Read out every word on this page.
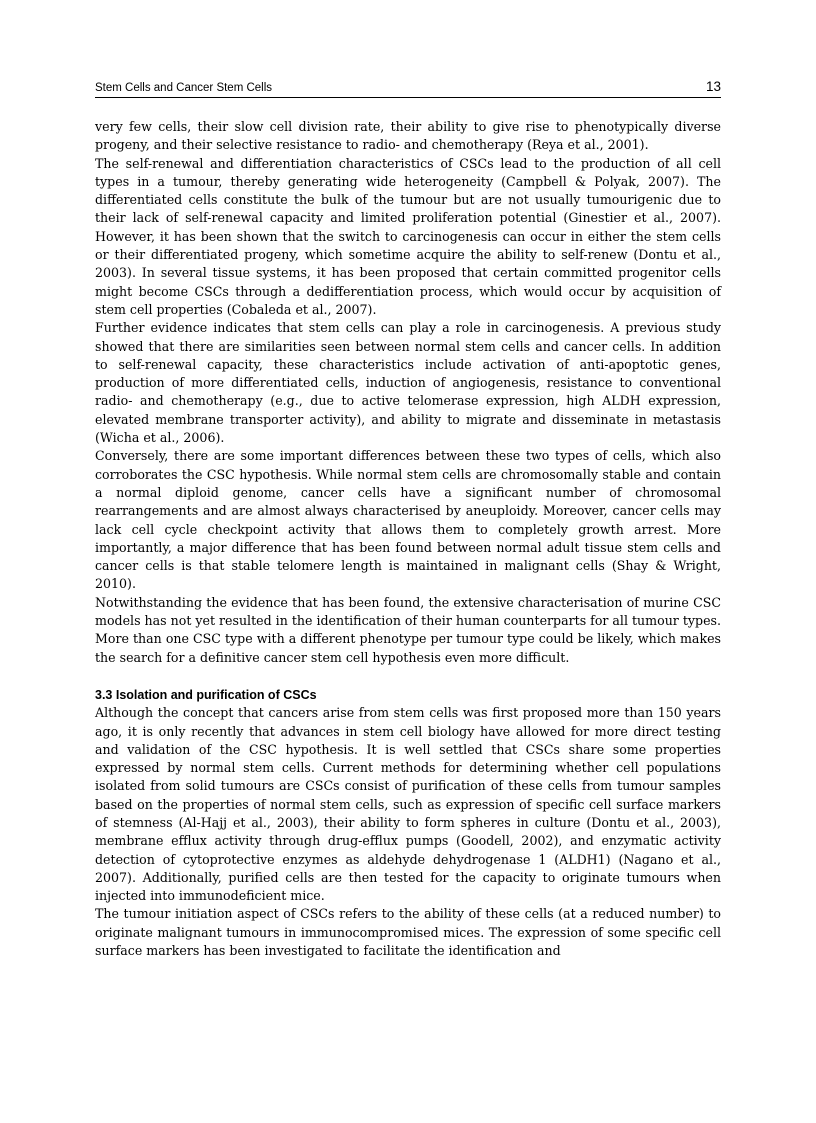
Stem Cells and Cancer Stem Cells	13

very few cells, their slow cell division rate, their ability to give rise to phenotypically diverse progeny, and their selective resistance to radio- and chemotherapy (Reya et al., 2001).

The self-renewal and differentiation characteristics of CSCs lead to the production of all cell types in a tumour, thereby generating wide heterogeneity (Campbell & Polyak, 2007). The differentiated cells constitute the bulk of the tumour but are not usually tumourigenic due to their lack of self-renewal capacity and limited proliferation potential (Ginestier et al., 2007). However, it has been shown that the switch to carcinogenesis can occur in either the stem cells or their differentiated progeny, which sometime acquire the ability to self-renew (Dontu et al., 2003). In several tissue systems, it has been proposed that certain committed progenitor cells might become CSCs through a dedifferentiation process, which would occur by acquisition of stem cell properties (Cobaleda et al., 2007).

Further evidence indicates that stem cells can play a role in carcinogenesis. A previous study showed that there are similarities seen between normal stem cells and cancer cells. In addition to self-renewal capacity, these characteristics include activation of anti-apoptotic genes, production of more differentiated cells, induction of angiogenesis, resistance to conventional radio- and chemotherapy (e.g., due to active telomerase expression, high ALDH expression, elevated membrane transporter activity), and ability to migrate and disseminate in metastasis (Wicha et al., 2006).

Conversely, there are some important differences between these two types of cells, which also corroborates the CSC hypothesis. While normal stem cells are chromosomally stable and contain a normal diploid genome, cancer cells have a significant number of chromosomal rearrangements and are almost always characterised by aneuploidy. Moreover, cancer cells may lack cell cycle checkpoint activity that allows them to completely growth arrest. More importantly, a major difference that has been found between normal adult tissue stem cells and cancer cells is that stable telomere length is maintained in malignant cells (Shay & Wright, 2010).

Notwithstanding the evidence that has been found, the extensive characterisation of murine CSC models has not yet resulted in the identification of their human counterparts for all tumour types. More than one CSC type with a different phenotype per tumour type could be likely, which makes the search for a definitive cancer stem cell hypothesis even more difficult.

3.3 Isolation and purification of CSCs

Although the concept that cancers arise from stem cells was first proposed more than 150 years ago, it is only recently that advances in stem cell biology have allowed for more direct testing and validation of the CSC hypothesis. It is well settled that CSCs share some properties expressed by normal stem cells. Current methods for determining whether cell populations isolated from solid tumours are CSCs consist of purification of these cells from tumour samples based on the properties of normal stem cells, such as expression of specific cell surface markers of stemness (Al-Hajj et al., 2003), their ability to form spheres in culture (Dontu et al., 2003), membrane efflux activity through drug-efflux pumps (Goodell, 2002), and enzymatic activity detection of cytoprotective enzymes as aldehyde dehydrogenase 1 (ALDH1) (Nagano et al., 2007). Additionally, purified cells are then tested for the capacity to originate tumours when injected into immunodeficient mice.

The tumour initiation aspect of CSCs refers to the ability of these cells (at a reduced number) to originate malignant tumours in immunocompromised mices. The expression of some specific cell surface markers has been investigated to facilitate the identification and
